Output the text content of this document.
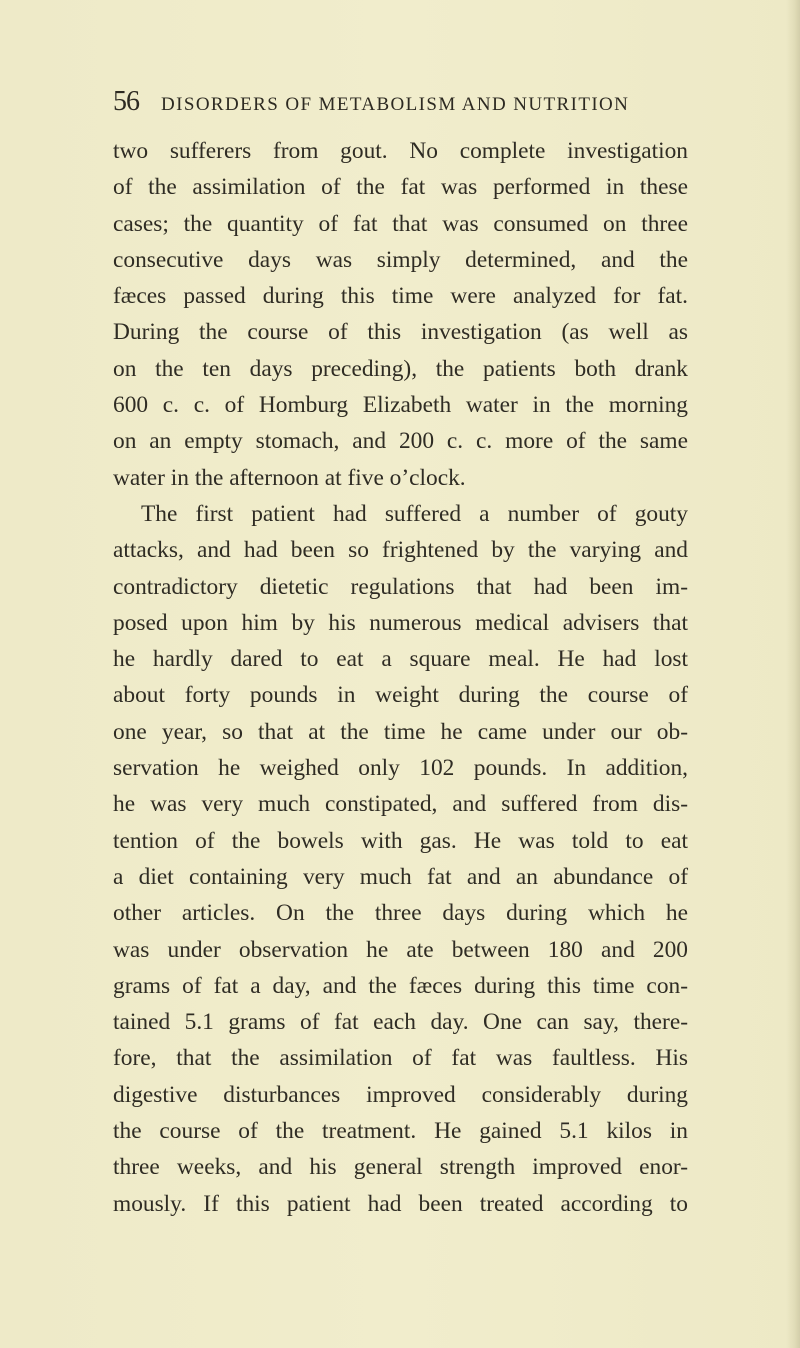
56 DISORDERS OF METABOLISM AND NUTRITION
two sufferers from gout. No complete investigation
of the assimilation of the fat was performed in these
cases; the quantity of fat that was consumed on three
consecutive days was simply determined, and the
fæces passed during this time were analyzed for fat.
During the course of this investigation (as well as
on the ten days preceding), the patients both drank
600 c. c. of Homburg Elizabeth water in the morning
on an empty stomach, and 200 c. c. more of the same
water in the afternoon at five o’clock.
The first patient had suffered a number of gouty
attacks, and had been so frightened by the varying and
contradictory dietetic regulations that had been im-
posed upon him by his numerous medical advisers that
he hardly dared to eat a square meal. He had lost
about forty pounds in weight during the course of
one year, so that at the time he came under our ob-
servation he weighed only 102 pounds. In addition,
he was very much constipated, and suffered from dis-
tention of the bowels with gas. He was told to eat
a diet containing very much fat and an abundance of
other articles. On the three days during which he
was under observation he ate between 180 and 200
grams of fat a day, and the fæces during this time con-
tained 5.1 grams of fat each day. One can say, there-
fore, that the assimilation of fat was faultless. His
digestive disturbances improved considerably during
the course of the treatment. He gained 5.1 kilos in
three weeks, and his general strength improved enor-
mously. If this patient had been treated according to
